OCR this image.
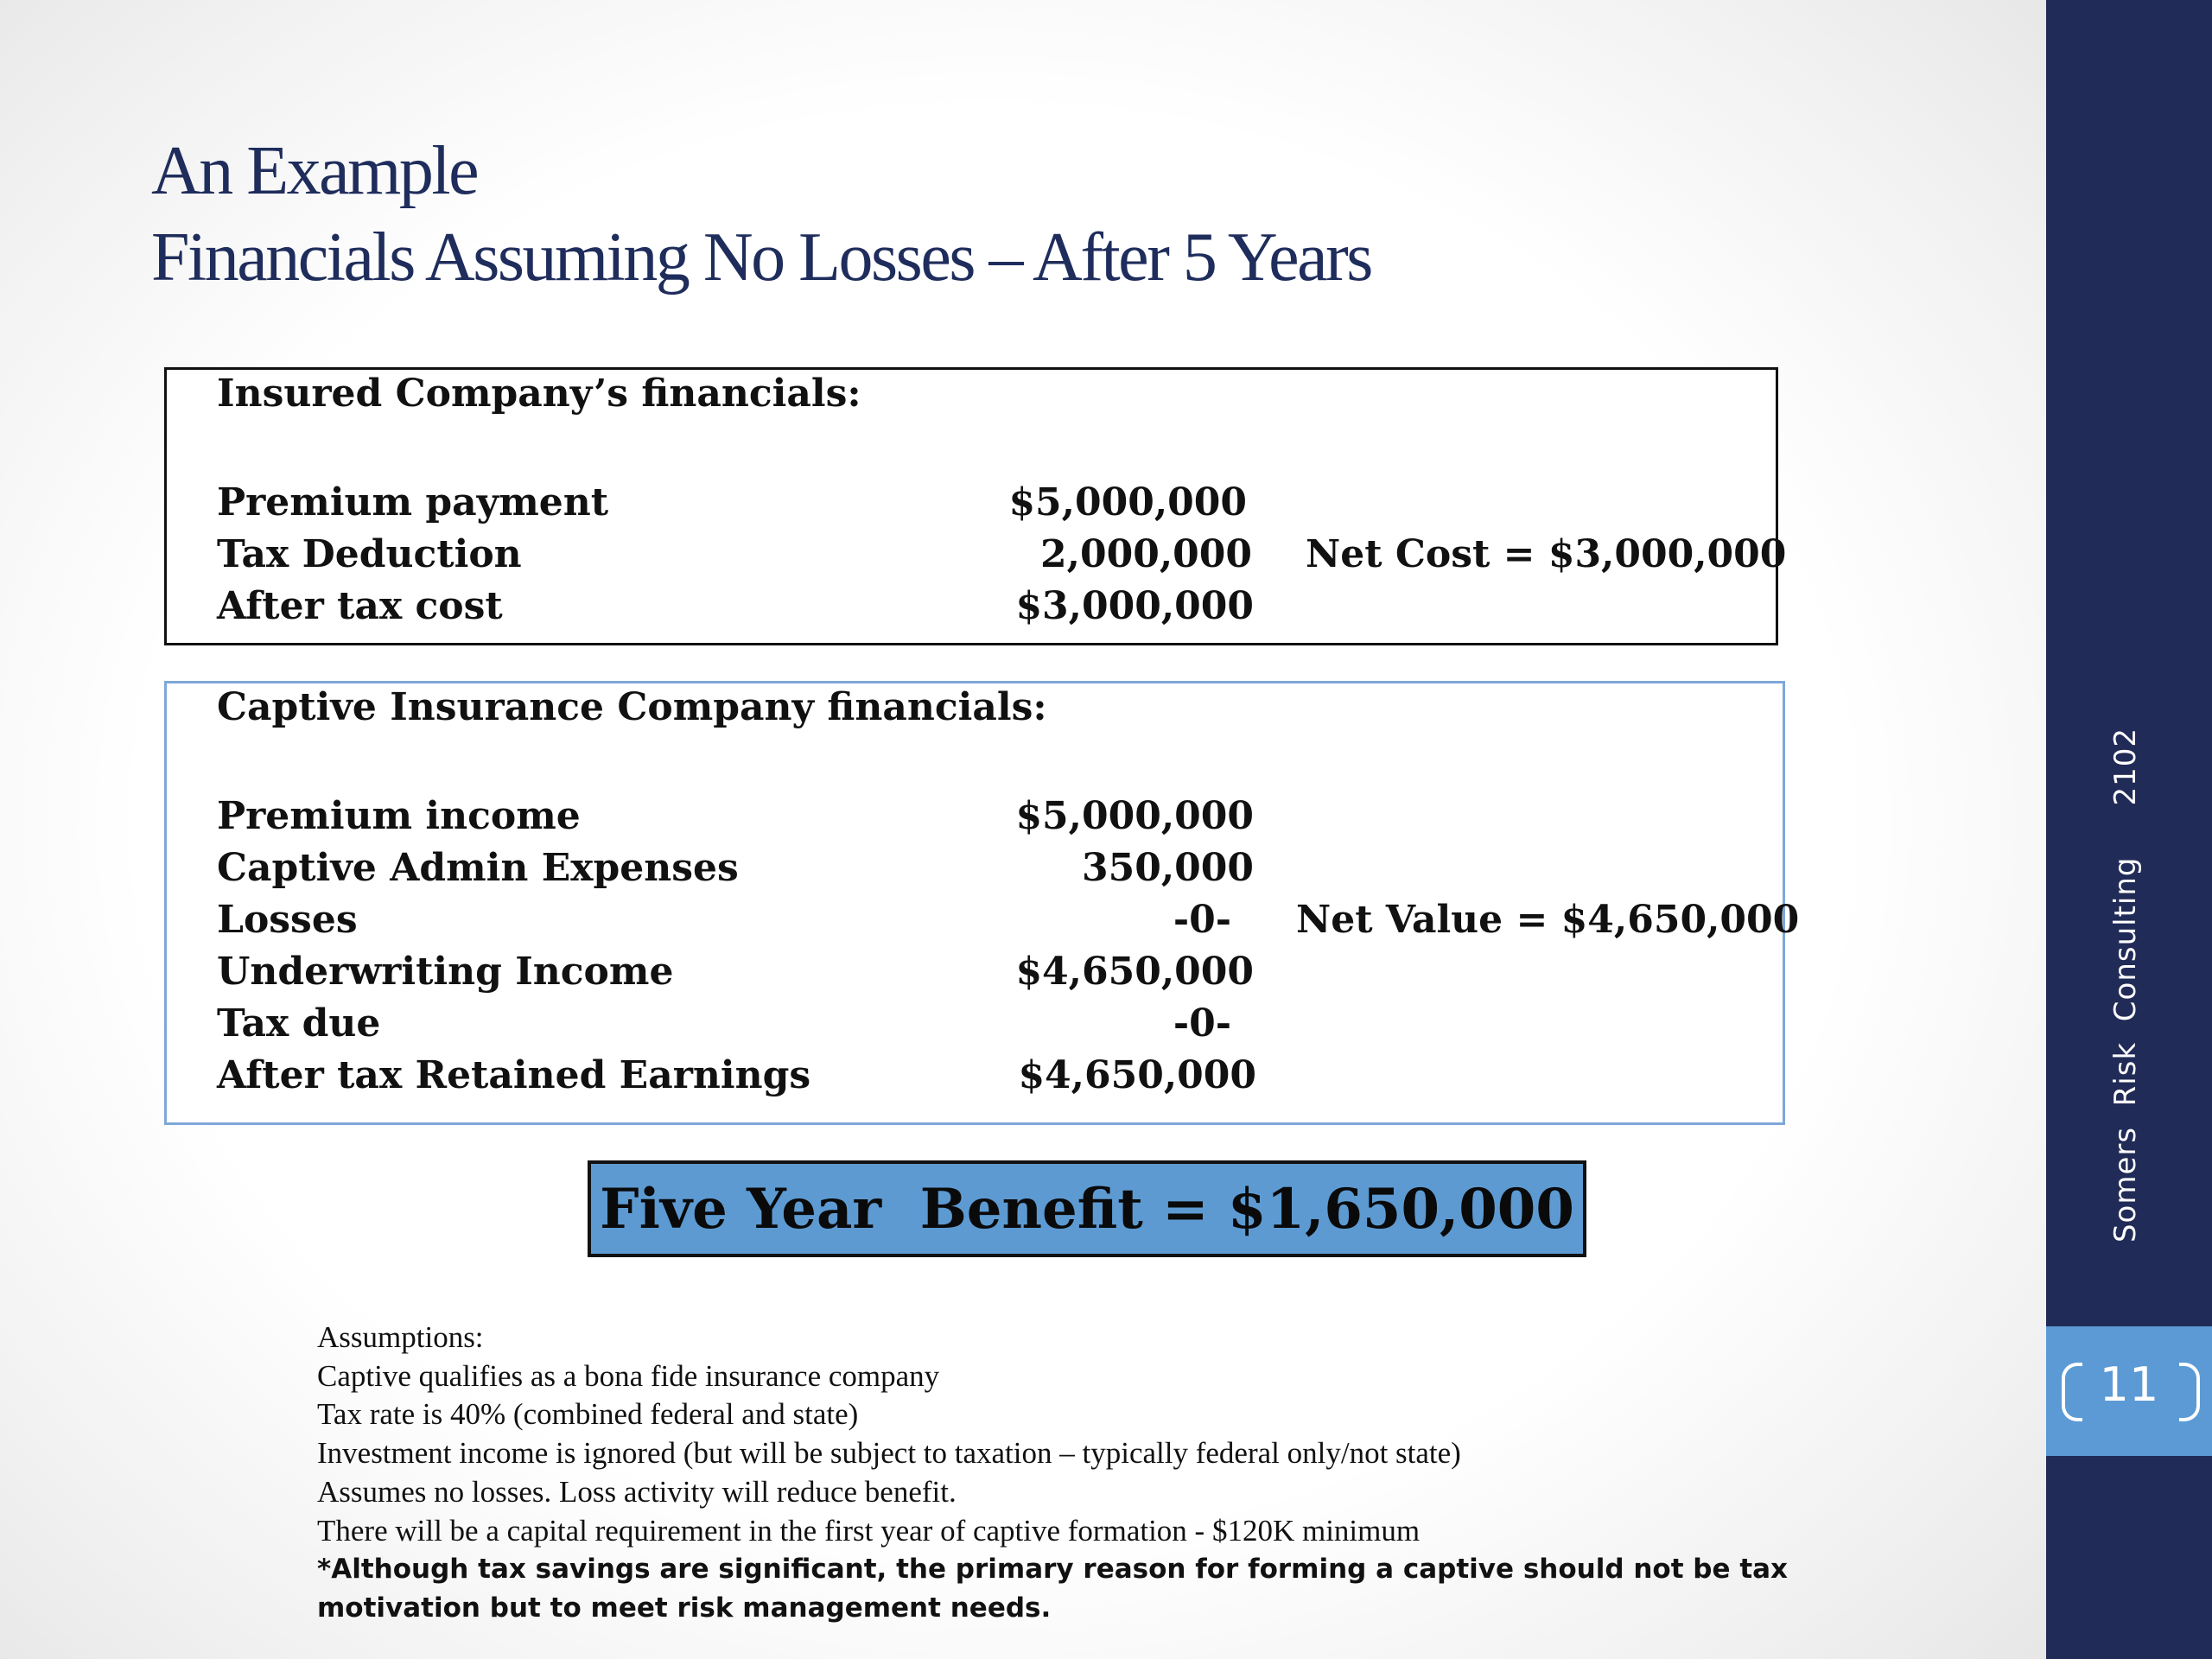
An Example
Financials Assuming No Losses – After 5 Years
Insured Company’s financials:
Premium payment	$5,000,000
Tax Deduction	2,000,000
After tax cost	$3,000,000
Net Cost = $3,000,000
Captive Insurance Company financials:
Premium income	$5,000,000
Captive Admin Expenses	350,000
Losses	-0-
Underwriting Income	$4,650,000
Tax due	-0-
After tax Retained Earnings	$4,650,000
Net Value = $4,650,000
Five Year  Benefit = $1,650,000
Assumptions:
Captive qualifies as a bona fide insurance company
Tax rate is 40% (combined federal and state)
Investment income is ignored (but will be subject to taxation – typically federal only/not state)
Assumes no losses. Loss activity will reduce benefit.
There will be a capital requirement in the first year of captive formation - $120K minimum
*Although tax savings are significant, the primary reason for forming a captive should not be tax motivation but to meet risk management needs.
Somers  Risk  Consulting     2102
11
